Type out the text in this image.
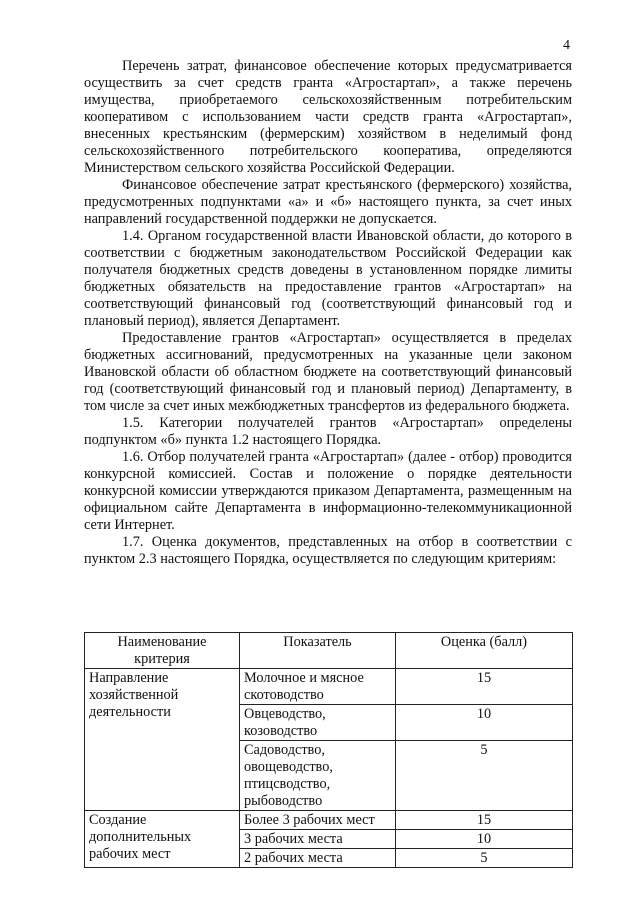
4

Перечень затрат, финансовое обеспечение которых предусматривается осуществить за счет средств гранта «Агростартап», а также перечень имущества, приобретаемого сельскохозяйственным потребительским кооперативом с использованием части средств гранта «Агростартап», внесенных крестьянским (фермерским) хозяйством в неделимый фонд сельскохозяйственного потребительского кооператива, определяются Министерством сельского хозяйства Российской Федерации.

Финансовое обеспечение затрат крестьянского (фермерского) хозяйства, предусмотренных подпунктами «а» и «б» настоящего пункта, за счет иных направлений государственной поддержки не допускается.

1.4. Органом государственной власти Ивановской области, до которого в соответствии с бюджетным законодательством Российской Федерации как получателя бюджетных средств доведены в установленном порядке лимиты бюджетных обязательств на предоставление грантов «Агростартап» на соответствующий финансовый год (соответствующий финансовый год и плановый период), является Департамент.

Предоставление грантов «Агростартап» осуществляется в пределах бюджетных ассигнований, предусмотренных на указанные цели законом Ивановской области об областном бюджете на соответствующий финансовый год (соответствующий финансовый год и плановый период) Департаменту, в том числе за счет иных межбюджетных трансфертов из федерального бюджета.

1.5. Категории получателей грантов «Агростартап» определены подпунктом «б» пункта 1.2 настоящего Порядка.

1.6. Отбор получателей гранта «Агростартап» (далее - отбор) проводится конкурсной комиссией. Состав и положение о порядке деятельности конкурсной комиссии утверждаются приказом Департамента, размещенным на официальном сайте Департамента в информационно-телекоммуникационной сети Интернет.

1.7. Оценка документов, представленных на отбор в соответствии с пунктом 2.3 настоящего Порядка, осуществляется по следующим критериям:

Наименование критерия	Показатель	Оценка (балл)
Направление хозяйственной деятельности	Молочное и мясное скотоводство	15
	Овцеводство, козоводство	10
	Садоводство, овощеводство, птицсводство, рыбоводство	5
Создание дополнительных рабочих мест	Более 3 рабочих мест	15
	3 рабочих места	10
	2 рабочих места	5
